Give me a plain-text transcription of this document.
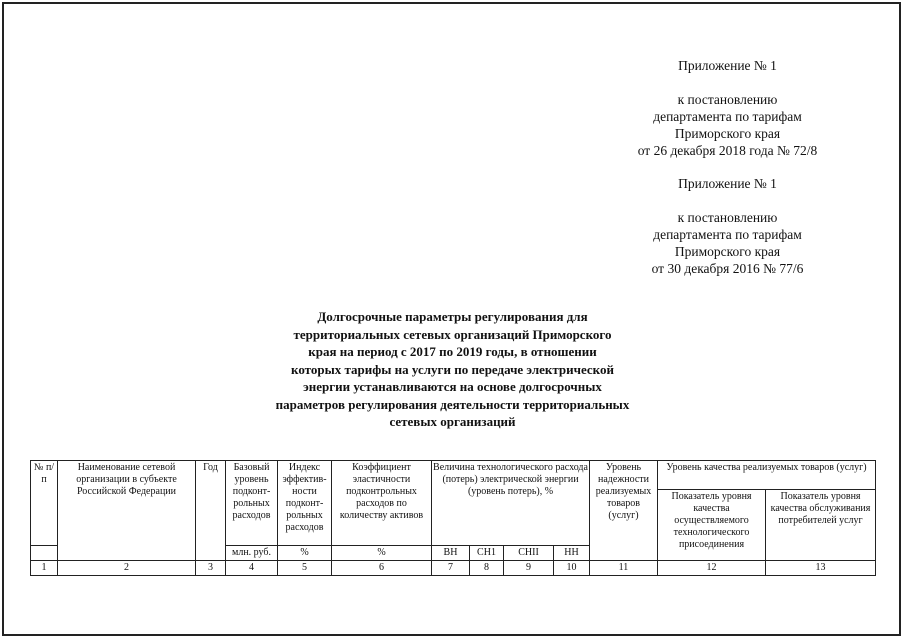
Приложение № 1
к постановлению
департамента по тарифам
Приморского края
от 26 декабря 2018 года № 72/8
Приложение № 1
к постановлению
департамента по тарифам
Приморского края
от 30 декабря 2016 № 77/6
Долгосрочные параметры регулирования для
территориальных сетевых организаций Приморского
края на период с 2017 по 2019 годы, в отношении
которых тарифы на услуги по передаче электрической
энергии устанавливаются на основе долгосрочных
параметров регулирования деятельности территориальных
сетевых организаций
№ п/п	Наименование сетевой организации в субъекте Российской Федерации	Год	Базовый уровень подконт-рольных расходов	Индекс эффектив-ности подконт-рольных расходов	Коэффициент эластичности подконтрольных расходов по количеству активов	Величина технологического расхода (потерь) электрической энергии (уровень потерь), %				Уровень надежности реализуемых товаров (услуг)	Уровень качества реализуемых товаров (услуг)	
											Показатель уровня качества осуществляемого технологического присоединения	Показатель уровня качества обслуживания потребителей услуг
			млн. руб.	%	%	ВН	СН1	СНII	НН			
1	2	3	4	5	6	7	8	9	10	11	12	13
